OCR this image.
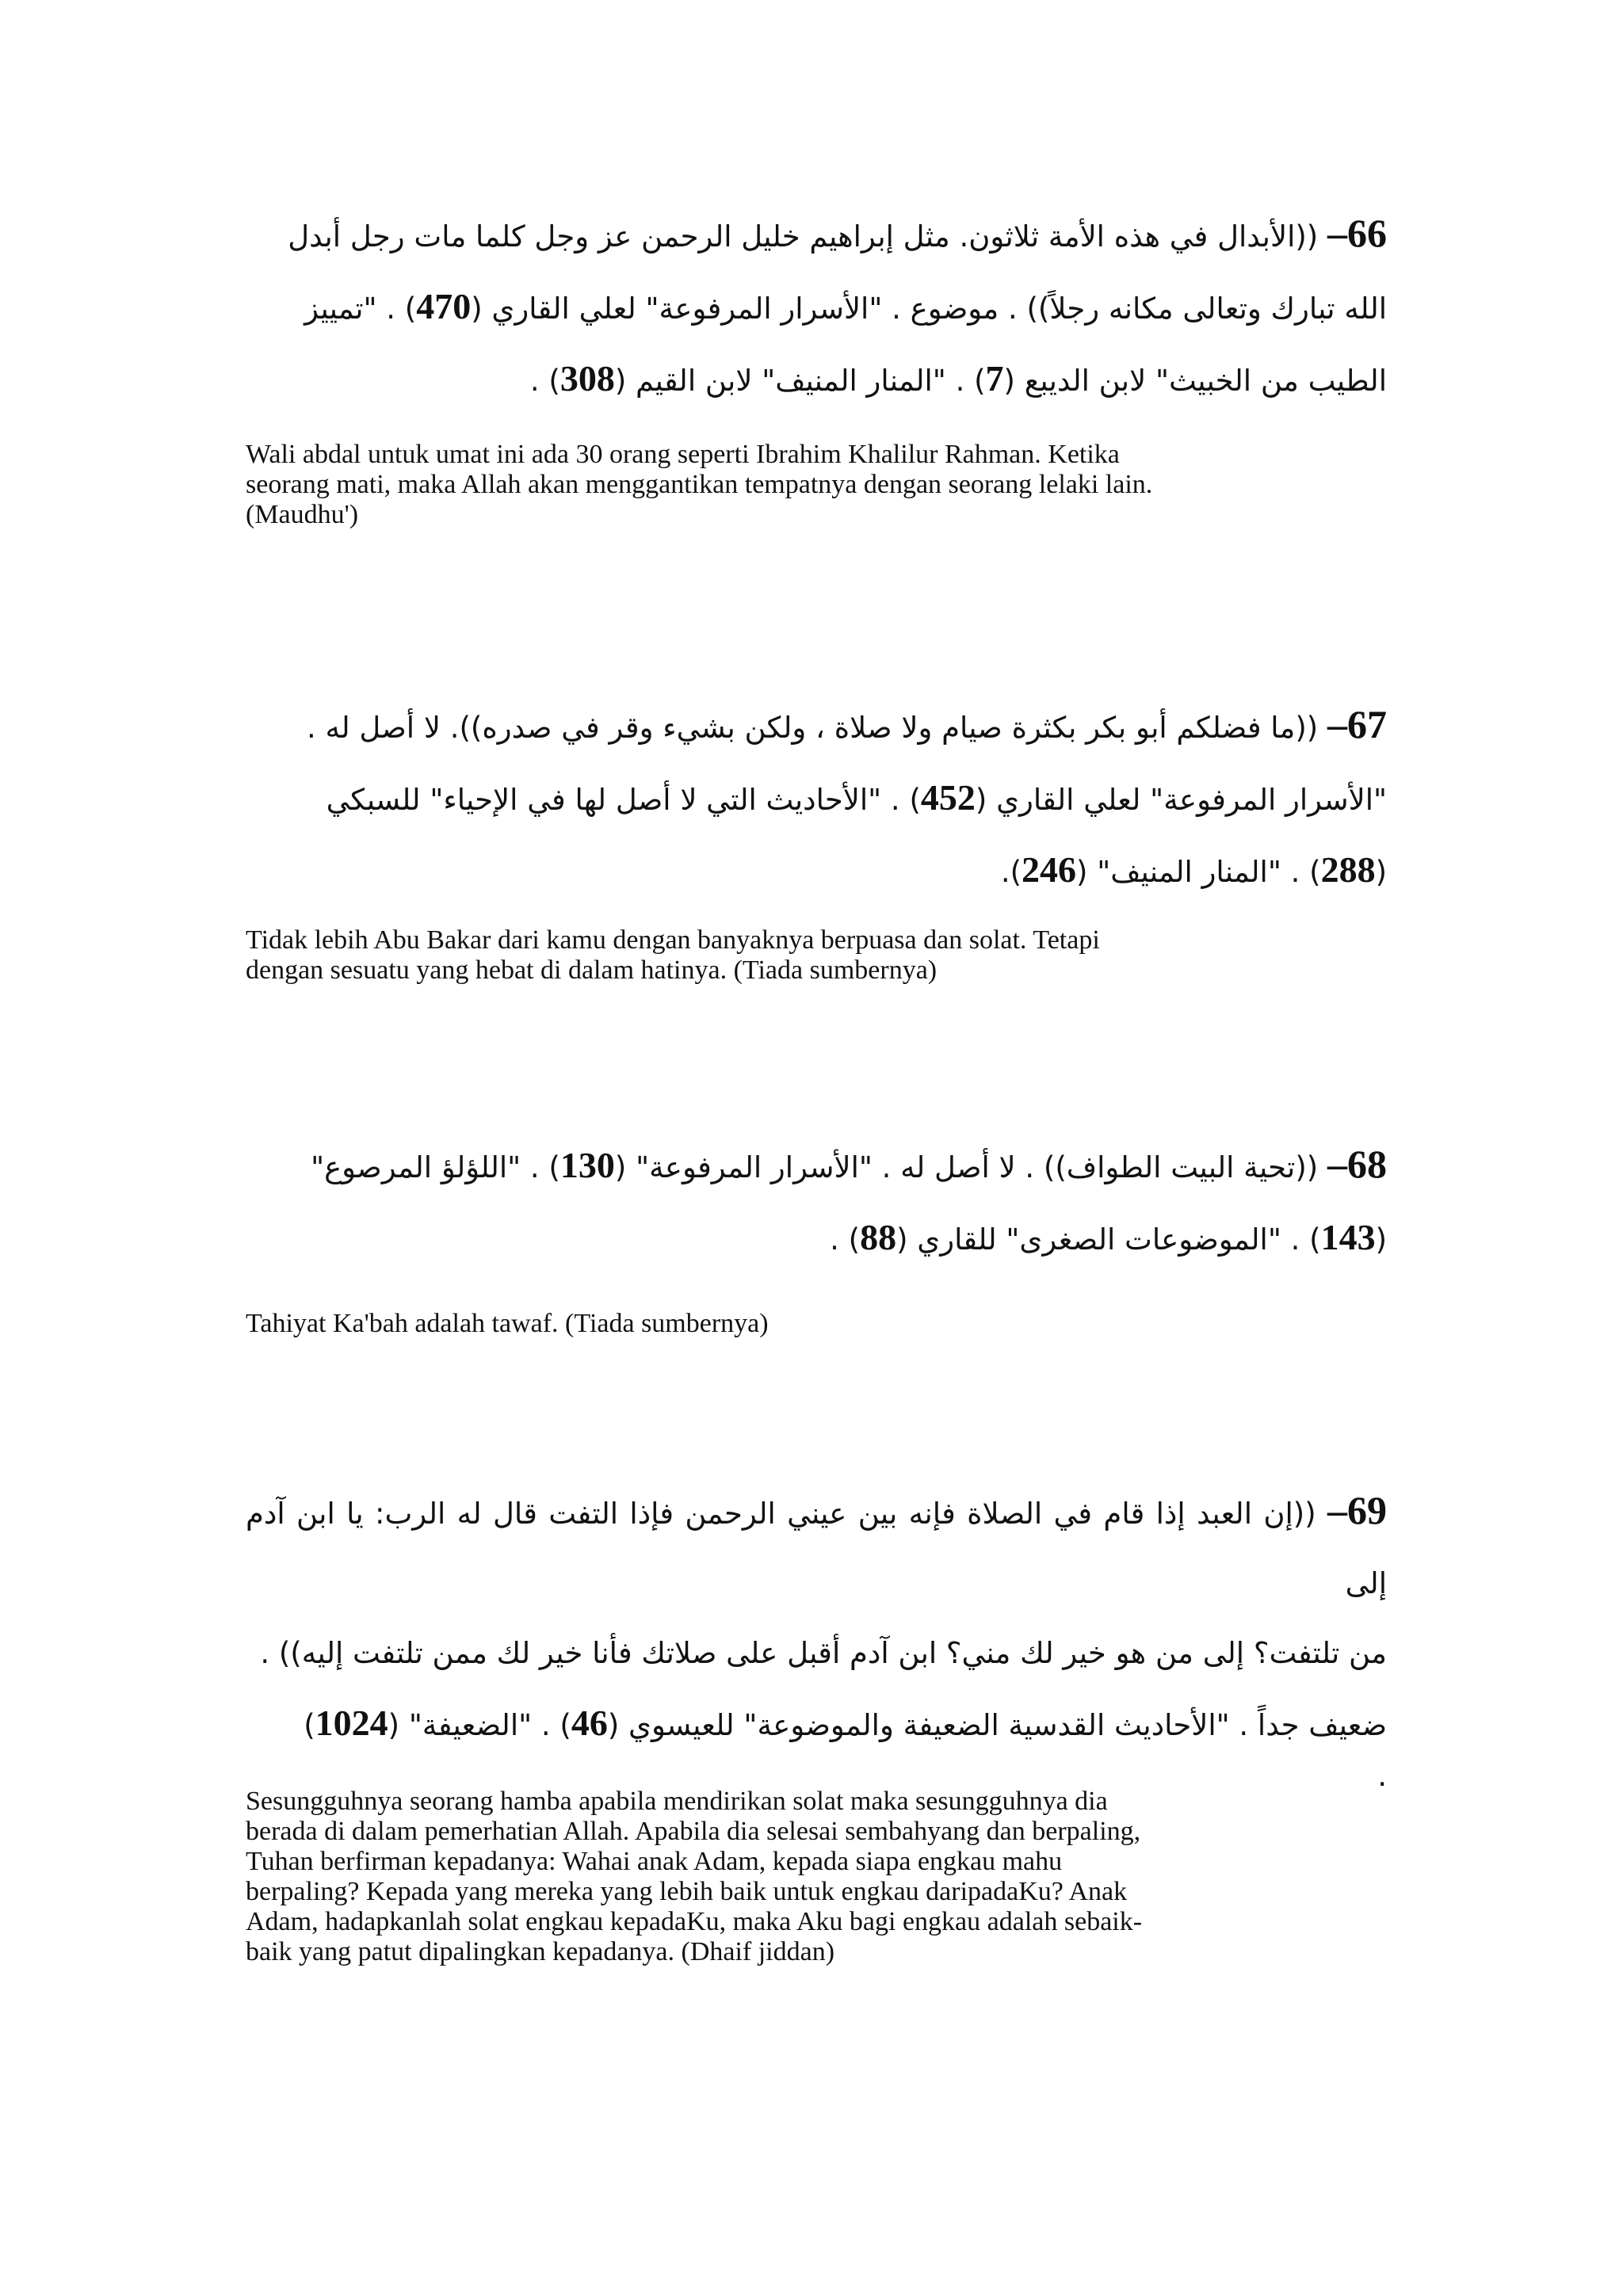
66– ((الأبدال في هذه الأمة ثلاثون. مثل إبراهيم خليل الرحمن عز وجل كلما مات رجل أبدل
الله تبارك وتعالى مكانه رجلاً)) . موضوع . "الأسرار المرفوعة" لعلي القاري (470) . "تمييز
الطيب من الخبيث" لابن الديبع (7) . "المنار المنيف" لابن القيم (308) .
Wali abdal untuk umat ini ada 30 orang seperti Ibrahim Khalilur Rahman. Ketika
seorang mati, maka Allah akan menggantikan tempatnya dengan seorang lelaki lain.
(Maudhu')
67– ((ما فضلكم أبو بكر بكثرة صيام ولا صلاة ، ولكن بشيء وقر في صدره)). لا أصل له .
"الأسرار المرفوعة" لعلي القاري (452) . "الأحاديث التي لا أصل لها في الإحياء" للسبكي
(288) . "المنار المنيف" (246).
Tidak lebih Abu Bakar dari kamu dengan banyaknya berpuasa dan solat. Tetapi
dengan sesuatu yang hebat di dalam hatinya. (Tiada sumbernya)
68– ((تحية البيت الطواف)) . لا أصل له . "الأسرار المرفوعة" (130) . "اللؤلؤ المرصوع"
(143) . "الموضوعات الصغرى" للقاري (88) .
Tahiyat Ka'bah adalah tawaf. (Tiada sumbernya)
69– ((إن العبد إذا قام في الصلاة فإنه بين عيني الرحمن فإذا التفت قال له الرب: يا ابن آدم إلى
من تلتفت؟ إلى من هو خير لك مني؟ ابن آدم أقبل على صلاتك فأنا خير لك ممن تلتفت إليه)) .
ضعيف جداً . "الأحاديث القدسية الضعيفة والموضوعة" للعيسوي (46) . "الضعيفة" (1024)
.
Sesungguhnya seorang hamba apabila mendirikan solat maka sesungguhnya dia
berada di dalam pemerhatian Allah. Apabila dia selesai sembahyang dan berpaling,
Tuhan berfirman kepadanya: Wahai anak Adam, kepada siapa engkau mahu
berpaling? Kepada yang mereka yang lebih baik untuk engkau daripadaKu? Anak
Adam, hadapkanlah solat engkau kepadaKu, maka Aku bagi engkau adalah sebaik-
baik yang patut dipalingkan kepadanya. (Dhaif jiddan)
